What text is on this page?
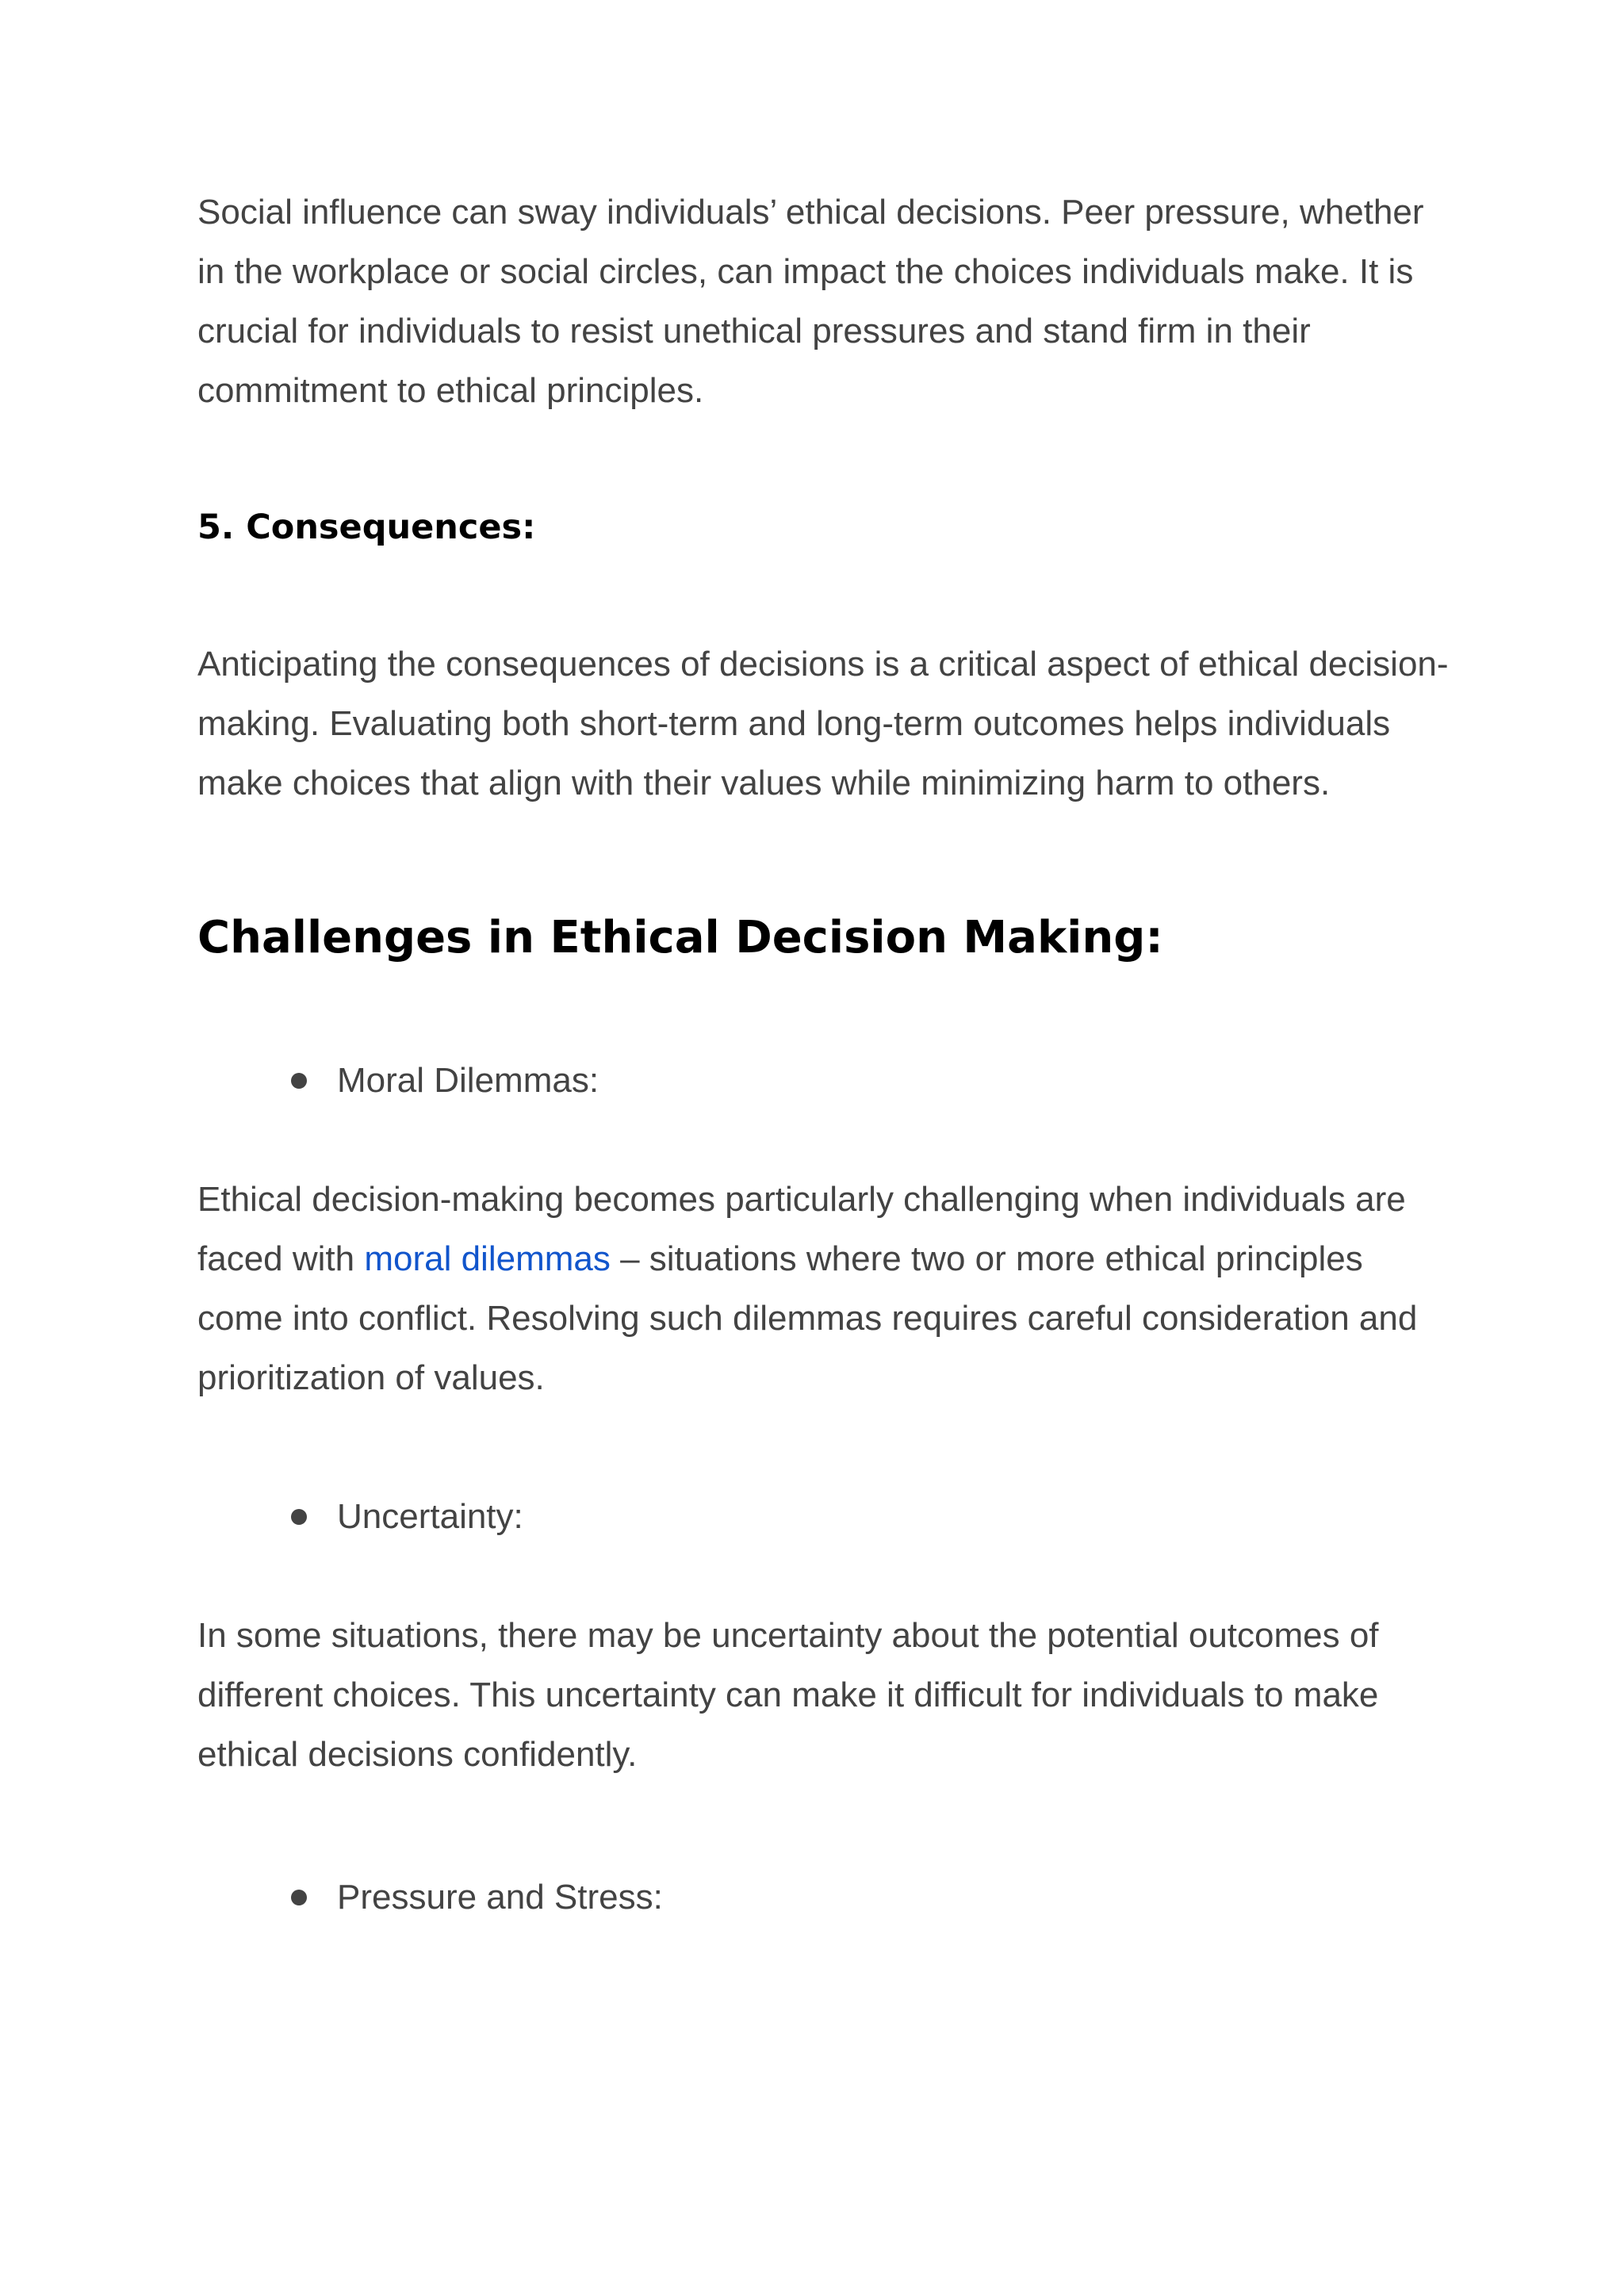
Social influence can sway individuals’ ethical decisions. Peer pressure, whether in the workplace or social circles, can impact the choices individuals make. It is crucial for individuals to resist unethical pressures and stand firm in their commitment to ethical principles.

5. Consequences:

Anticipating the consequences of decisions is a critical aspect of ethical decision-making. Evaluating both short-term and long-term outcomes helps individuals make choices that align with their values while minimizing harm to others.

Challenges in Ethical Decision Making:
Moral Dilemmas:

Ethical decision-making becomes particularly challenging when individuals are faced with moral dilemmas – situations where two or more ethical principles come into conflict. Resolving such dilemmas requires careful consideration and prioritization of values.

Uncertainty:

In some situations, there may be uncertainty about the potential outcomes of different choices. This uncertainty can make it difficult for individuals to make ethical decisions confidently.

Pressure and Stress:
